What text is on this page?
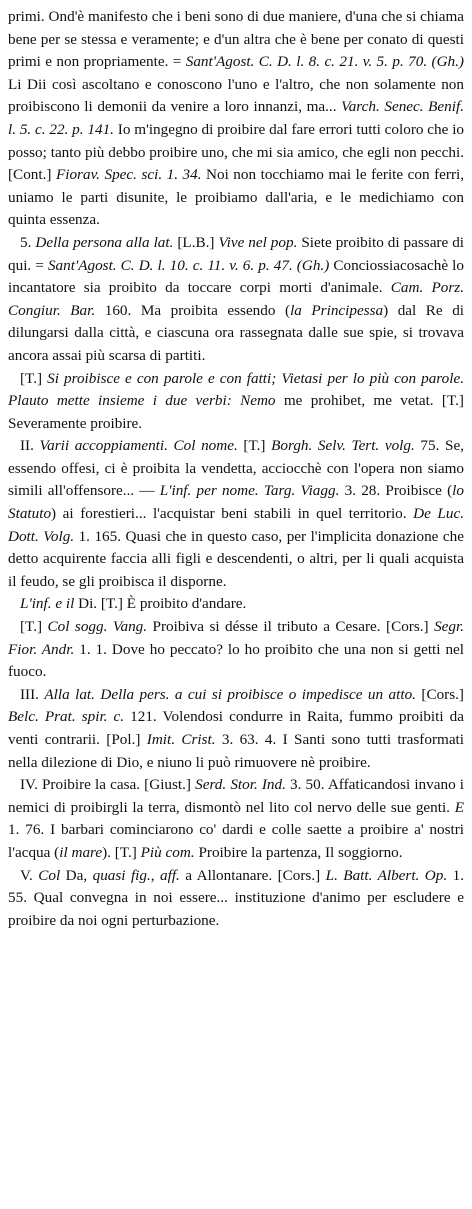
primi. Ond'è manifesto che i beni sono di due maniere, d'una che si chiama bene per se stessa e veramente; e d'un altra che è bene per conato di questi primi e non propriamente. = Sant'Agost. C. D. l. 8. c. 21. v. 5. p. 70. (Gh.) Li Dii così ascoltano e conoscono l'uno e l'altro, che non solamente non proibiscono li demonii da venire a loro innanzi, ma... Varch. Senec. Benif. l. 5. c. 22. p. 141. Io m'ingegno di proibire dal fare errori tutti coloro che io posso; tanto più debbo proibire uno, che mi sia amico, che egli non pecchi. [Cont.] Fiorav. Spec. sci. 1. 34. Noi non tocchiamo mai le ferite con ferri, uniamo le parti disunite, le proibiamo dall'aria, e le medichiamo con quinta essenza.

5. Della persona alla lat. [L.B.] Vive nel pop. Siete proibito di passare di qui. = Sant'Agost. C. D. l. 10. c. 11. v. 6. p. 47. (Gh.) Conciossiacosachè lo incantatore sia proibito da toccare corpi morti d'animale. Cam. Porz. Congiur. Bar. 160. Ma proibita essendo (la Principessa) dal Re di dilungarsi dalla città, e ciascuna ora rassegnata dalle sue spie, si trovava ancora assai più scarsa di partiti.

[T.] Si proibisce e con parole e con fatti; Vietasi per lo più con parole. Plauto mette insieme i due verbi: Nemo me prohibet, me vetat. [T.] Severamente proibire.

II. Varii accoppiamenti. Col nome. [T.] Borgh. Selv. Tert. volg. 75. Se, essendo offesi, ci è proibita la vendetta, acciocchè con l'opera non siamo simili all'offensore... — L'inf. per nome. Targ. Viagg. 3. 28. Proibisce (lo Statuto) ai forestieri... l'acquistar beni stabili in quel territorio. De Luc. Dott. Volg. 1. 165. Quasi che in questo caso, per l'implicita donazione che detto acquirente faccia alli figli e descendenti, o altri, per li quali acquista il feudo, se gli proibisca il disporne.

L'inf. e il Di. [T.] È proibito d'andare.

[T.] Col sogg. Vang. Proibiva si désse il tributo a Cesare. [Cors.] Segr. Fior. Andr. 1. 1. Dove ho peccato? lo ho proibito che una non si getti nel fuoco.

III. Alla lat. Della pers. a cui si proibisce o impedisce un atto. [Cors.] Belc. Prat. spir. c. 121. Volendosi condurre in Raita, fummo proibiti da venti contrarii. [Pol.] Imit. Crist. 3. 63. 4. I Santi sono tutti trasformati nella dilezione di Dio, e niuno li può rimuovere nè proibire.

IV. Proibire la casa. [Giust.] Serd. Stor. Ind. 3. 50. Affaticandosi invano i nemici di proibirgli la terra, dismontò nel lito col nervo delle sue genti. E 1. 76. I barbari cominciarono co' dardi e colle saette a proibire a' nostri l'acqua (il mare). [T.] Più com. Proibire la partenza, Il soggiorno.

V. Col Da, quasi fig., aff. a Allontanare. [Cors.] L. Batt. Albert. Op. 1. 55. Qual convegna in noi essere... instituzione d'animo per escludere e proibire da noi ogni perturbazione.
